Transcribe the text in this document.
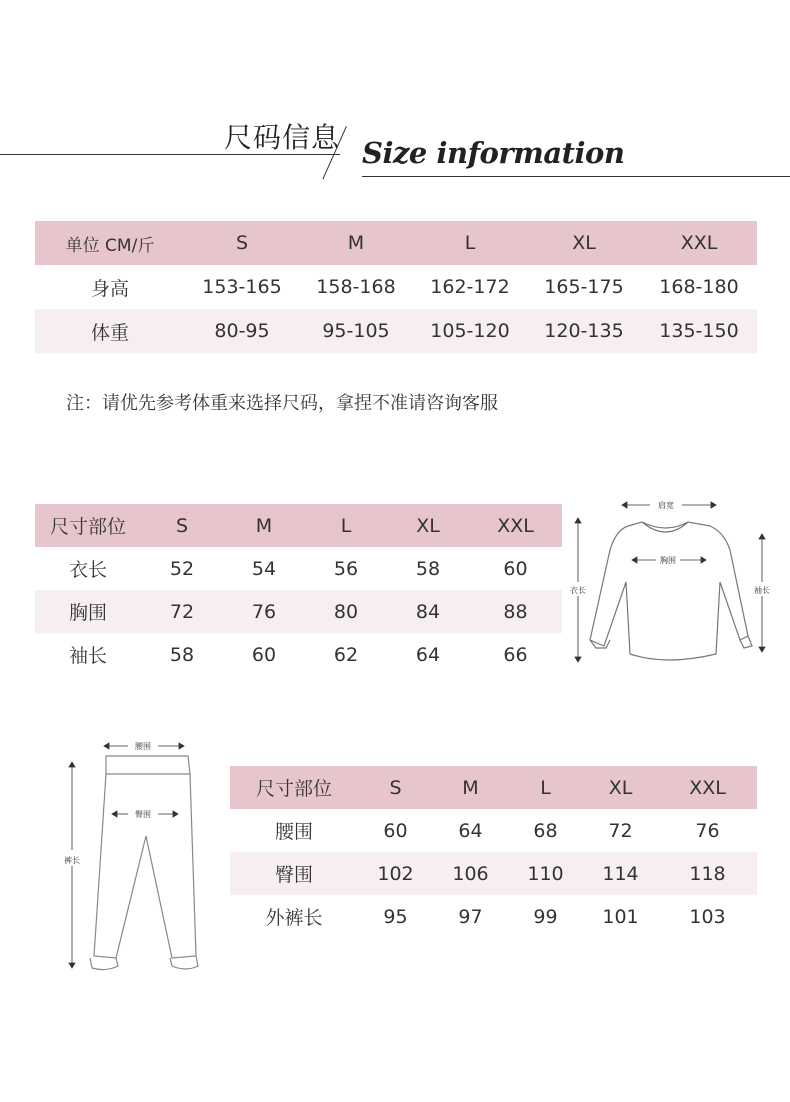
尺码信息 Size information
单位 CM/斤	S	M	L	XL	XXL
身高	153-165	158-168	162-172	165-175	168-180
体重	80-95	95-105	105-120	120-135	135-150
注：请优先参考体重来选择尺码，拿捏不准请咨询客服
尺寸部位	S	M	L	XL	XXL
衣长	52	54	56	58	60
胸围	72	76	80	84	88
袖长	58	60	62	64	66
肩宽
胸围
衣长	袖长
腰围
臀围
裤长
尺寸部位	S	M	L	XL	XXL
腰围	60	64	68	72	76
臀围	102	106	110	114	118
外裤长	95	97	99	101	103
